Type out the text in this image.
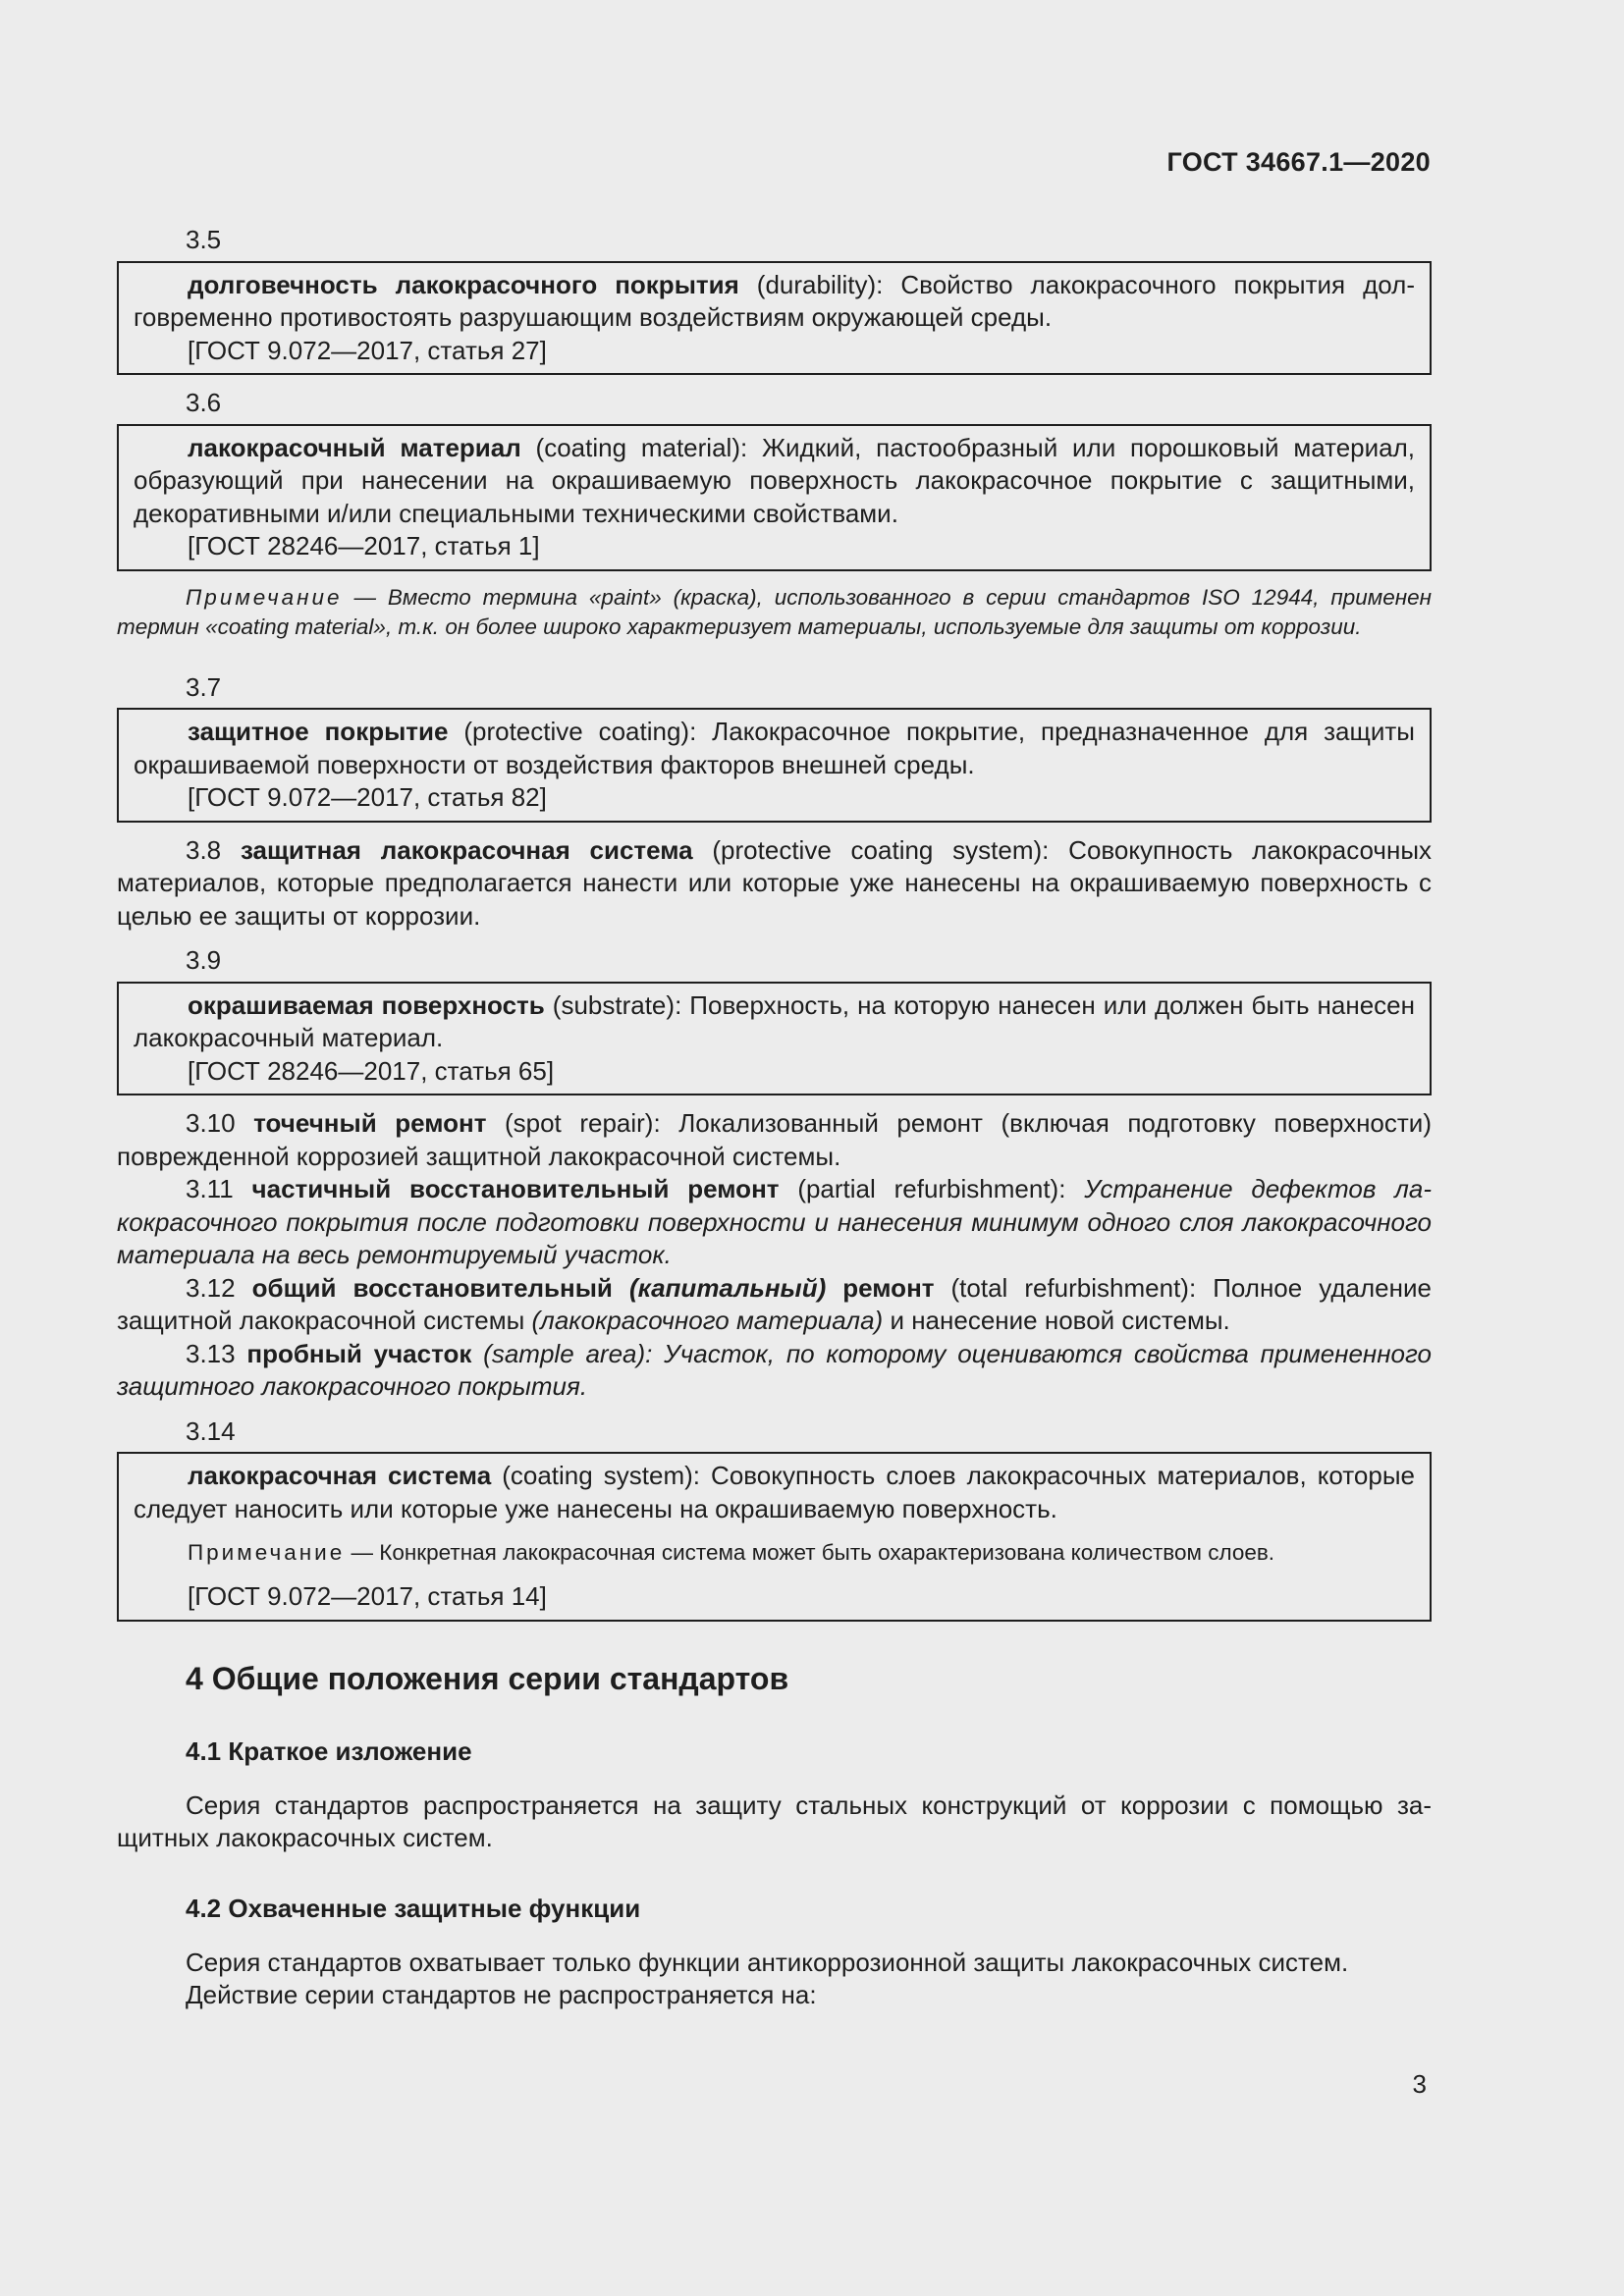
ГОСТ 34667.1—2020

3.5

долговечность лакокрасочного покрытия (durability): Свойство лакокрасочного покрытия долговременно противостоять разрушающим воздействиям окружающей среды.

[ГОСТ 9.072—2017, статья 27]

3.6

лакокрасочный материал (coating material): Жидкий, пастообразный или порошковый материал, образующий при нанесении на окрашиваемую поверхность лакокрасочное покрытие с защитными, декоративными и/или специальными техническими свойствами.

[ГОСТ 28246—2017, статья 1]

Примечание — Вместо термина «paint» (краска), использованного в серии стандартов ISO 12944, применен термин «coating material», т.к. он более широко характеризует материалы, используемые для защиты от коррозии.

3.7

защитное покрытие (protective coating): Лакокрасочное покрытие, предназначенное для защиты окрашиваемой поверхности от воздействия факторов внешней среды.

[ГОСТ 9.072—2017, статья 82]

3.8 защитная лакокрасочная система (protective coating system): Совокупность лакокрасочных материалов, которые предполагается нанести или которые уже нанесены на окрашиваемую поверхность с целью ее защиты от коррозии.

3.9

окрашиваемая поверхность (substrate): Поверхность, на которую нанесен или должен быть нанесен лакокрасочный материал.

[ГОСТ 28246—2017, статья 65]

3.10 точечный ремонт (spot repair): Локализованный ремонт (включая подготовку поверхности) поврежденной коррозией защитной лакокрасочной системы.

3.11 частичный восстановительный ремонт (partial refurbishment): Устранение дефектов лакокрасочного покрытия после подготовки поверхности и нанесения минимум одного слоя лакокрасочного материала на весь ремонтируемый участок.

3.12 общий восстановительный (капитальный) ремонт (total refurbishment): Полное удаление защитной лакокрасочной системы (лакокрасочного материала) и нанесение новой системы.

3.13 пробный участок (sample area): Участок, по которому оцениваются свойства примененного защитного лакокрасочного покрытия.

3.14

лакокрасочная система (coating system): Совокупность слоев лакокрасочных материалов, которые следует наносить или которые уже нанесены на окрашиваемую поверхность.

Примечание — Конкретная лакокрасочная система может быть охарактеризована количеством слоев.

[ГОСТ 9.072—2017, статья 14]

4 Общие положения серии стандартов
4.1 Краткое изложение

Серия стандартов распространяется на защиту стальных конструкций от коррозии с помощью защитных лакокрасочных систем.

4.2 Охваченные защитные функции

Серия стандартов охватывает только функции антикоррозионной защиты лакокрасочных систем.

Действие серии стандартов не распространяется на:

3
